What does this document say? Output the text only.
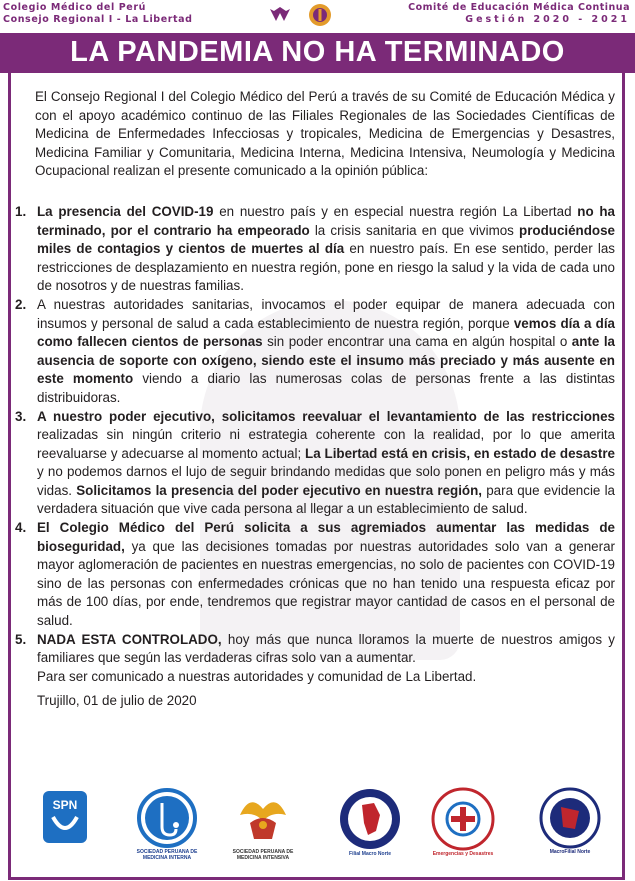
Colegio Médico del Perú
Consejo Regional I - La Libertad
Comité de Educación Médica Continua
Gestión 2020 - 2021
LA PANDEMIA NO HA TERMINADO

El Consejo Regional I del Colegio Médico del Perú a través de su Comité de Educación Médica y con el apoyo académico continuo de las Filiales Regionales de las Sociedades Científicas de Medicina de Enfermedades Infecciosas y tropicales, Medicina de Emergencias y Desastres, Medicina Familiar y Comunitaria, Medicina Interna, Medicina Intensiva, Neumología y Medicina Ocupacional realizan el presente comunicado a la opinión pública:

1. La presencia del COVID-19 en nuestro país y en especial nuestra región La Libertad no ha terminado, por el contrario ha empeorado la crisis sanitaria en que vivimos produciéndose miles de contagios y cientos de muertes al día en nuestro país. En ese sentido, perder las restricciones de desplazamiento en nuestra región, pone en riesgo la salud y la vida de cada uno de nosotros y de nuestras familias.
2. A nuestras autoridades sanitarias, invocamos el poder equipar de manera adecuada con insumos y personal de salud a cada establecimiento de nuestra región, porque vemos día a día como fallecen cientos de personas sin poder encontrar una cama en algún hospital o ante la ausencia de soporte con oxígeno, siendo este el insumo más preciado y más ausente en este momento viendo a diario las numerosas colas de personas frente a las distintas distribuidoras.
3. A nuestro poder ejecutivo, solicitamos reevaluar el levantamiento de las restricciones realizadas sin ningún criterio ni estrategia coherente con la realidad, por lo que amerita reevaluarse y adecuarse al momento actual; La Libertad está en crisis, en estado de desastre y no podemos darnos el lujo de seguir brindando medidas que solo ponen en peligro más y más vidas. Solicitamos la presencia del poder ejecutivo en nuestra región, para que evidencie la verdadera situación que vive cada persona al llegar a un establecimiento de salud.
4. El Colegio Médico del Perú solicita a sus agremiados aumentar las medidas de bioseguridad, ya que las decisiones tomadas por nuestras autoridades solo van a generar mayor aglomeración de pacientes en nuestras emergencias, no solo de pacientes con COVID-19 sino de las personas con enfermedades crónicas que no han tenido una respuesta eficaz por más de 100 días, por ende, tendremos que registrar mayor cantidad de casos en el personal de salud.
5. NADA ESTA CONTROLADO, hoy más que nunca lloramos la muerte de nuestros amigos y familiares que según las verdaderas cifras solo van a aumentar.

Para ser comunicado a nuestras autoridades y comunidad de La Libertad.

Trujillo, 01 de julio de 2020

SPN
SOCIEDAD PERUANA DE MEDICINA INTERNA
SOCIEDAD PERUANA DE MEDICINA INTENSIVA
Filial Macro Norte	Emergencias y Desastres	MacroFilial Norte
